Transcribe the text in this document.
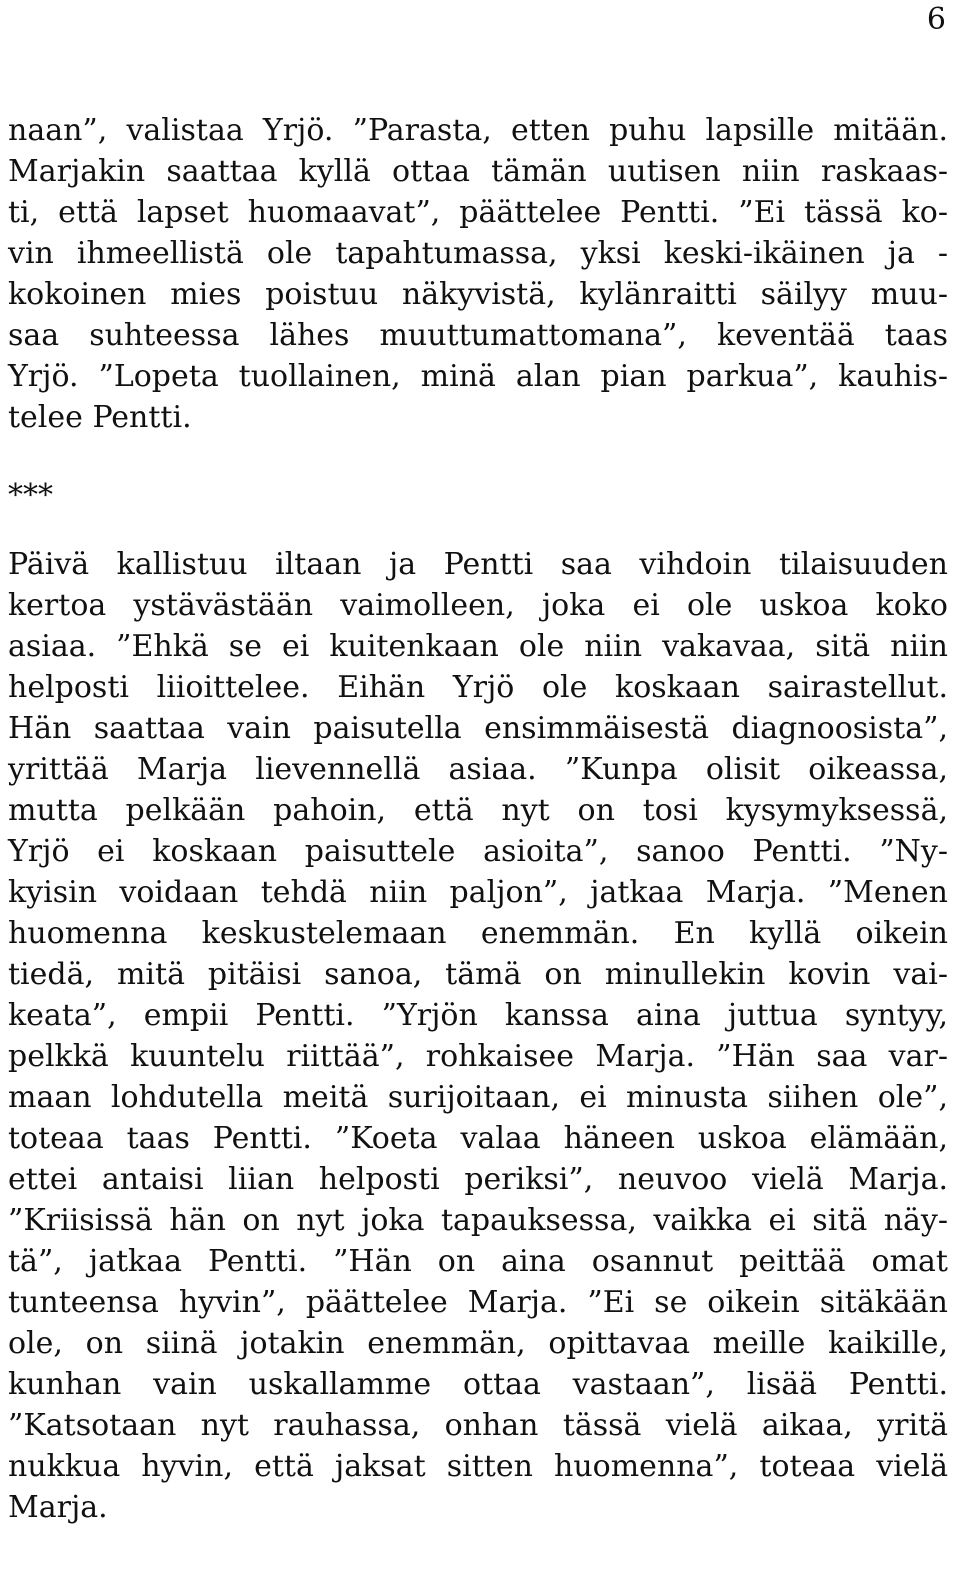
6
naan”, valistaa Yrjö. ”Parasta, etten puhu lapsille mitään.
Marjakin saattaa kyllä ottaa tämän uutisen niin raskaas-
ti, että lapset huomaavat”, päättelee Pentti. ”Ei tässä ko-
vin ihmeellistä ole tapahtumassa, yksi keski-ikäinen ja -
kokoinen mies poistuu näkyvistä, kylänraitti säilyy muu-
saa suhteessa lähes muuttumattomana”, keventää taas
Yrjö. ”Lopeta tuollainen, minä alan pian parkua”, kauhis-
telee Pentti.
***
Päivä kallistuu iltaan ja Pentti saa vihdoin tilaisuuden
kertoa ystävästään vaimolleen, joka ei ole uskoa koko
asiaa. ”Ehkä se ei kuitenkaan ole niin vakavaa, sitä niin
helposti liioittelee. Eihän Yrjö ole koskaan sairastellut.
Hän saattaa vain paisutella ensimmäisestä diagnoosista”,
yrittää Marja lievennellä asiaa. ”Kunpa olisit oikeassa,
mutta pelkään pahoin, että nyt on tosi kysymyksessä,
Yrjö ei koskaan paisuttele asioita”, sanoo Pentti. ”Ny-
kyisin voidaan tehdä niin paljon”, jatkaa Marja. ”Menen
huomenna keskustelemaan enemmän. En kyllä oikein
tiedä, mitä pitäisi sanoa, tämä on minullekin kovin vai-
keata”, empii Pentti. ”Yrjön kanssa aina juttua syntyy,
pelkkä kuuntelu riittää”, rohkaisee Marja. ”Hän saa var-
maan lohdutella meitä surijoitaan, ei minusta siihen ole”,
toteaa taas Pentti. ”Koeta valaa häneen uskoa elämään,
ettei antaisi liian helposti periksi”, neuvoo vielä Marja.
”Kriisissä hän on nyt joka tapauksessa, vaikka ei sitä näy-
tä”, jatkaa Pentti. ”Hän on aina osannut peittää omat
tunteensa hyvin”, päättelee Marja. ”Ei se oikein sitäkään
ole, on siinä jotakin enemmän, opittavaa meille kaikille,
kunhan vain uskallamme ottaa vastaan”, lisää Pentti.
”Katsotaan nyt rauhassa, onhan tässä vielä aikaa, yritä
nukkua hyvin, että jaksat sitten huomenna”, toteaa vielä
Marja.
